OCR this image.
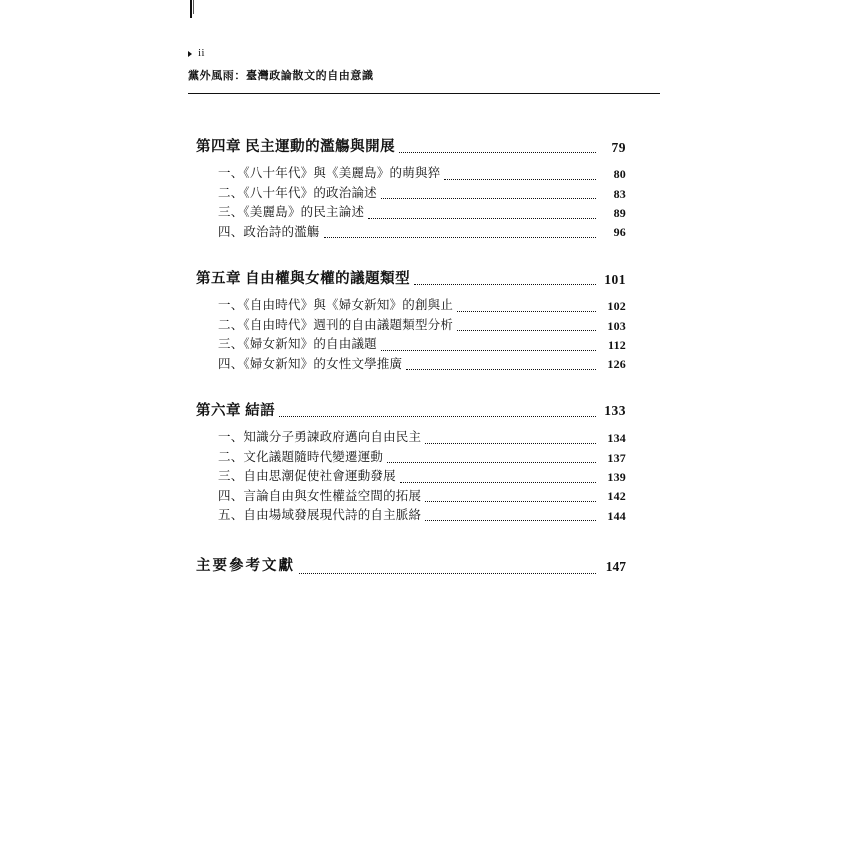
ii
黨外風雨：臺灣政論散文的自由意識
第四章 民主運動的濫觴與開展	79
一、《八十年代》與《美麗島》的萌與猝	80
二、《八十年代》的政治論述	83
三、《美麗島》的民主論述	89
四、政治詩的濫觴	96
第五章 自由權與女權的議題類型	101
一、《自由時代》與《婦女新知》的創與止	102
二、《自由時代》週刊的自由議題類型分析	103
三、《婦女新知》的自由議題	112
四、《婦女新知》的女性文學推廣	126
第六章 結語	133
一、知識分子勇諫政府邁向自由民主	134
二、文化議題隨時代變遷運動	137
三、自由思潮促使社會運動發展	139
四、言論自由與女性權益空間的拓展	142
五、自由場域發展現代詩的自主脈絡	144
主要參考文獻	147
